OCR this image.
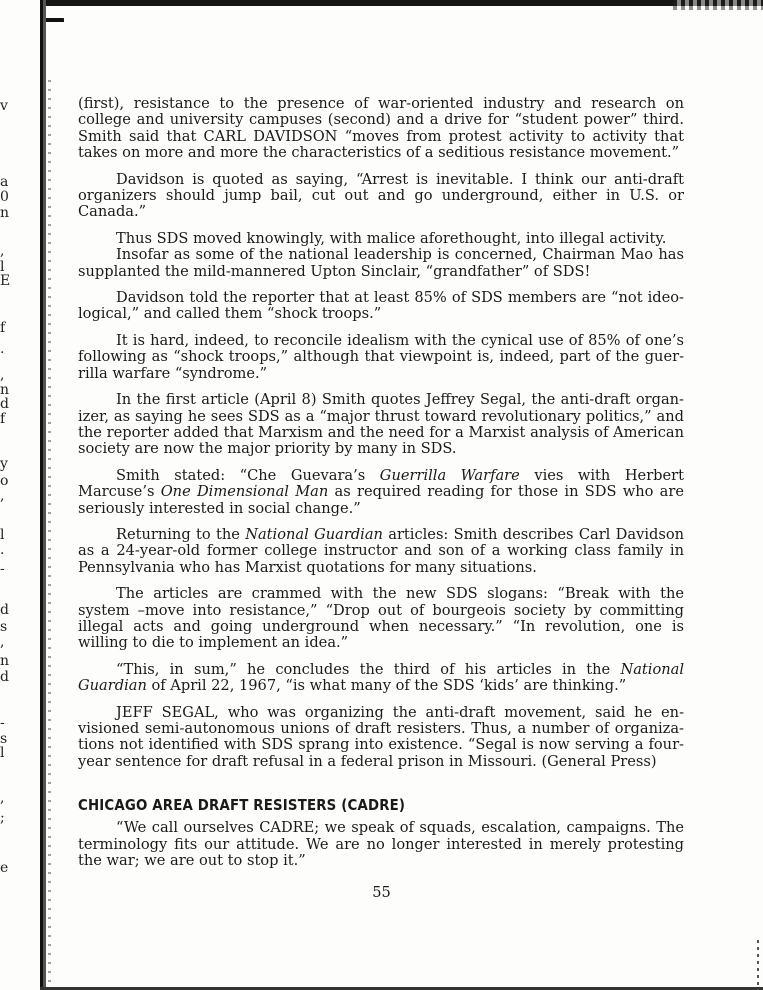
v
a
0
n
,
l
E
f
.
,
n
d
f
y
o
,
l
.
-
d
s
,
n
d
-
s
l
,
;
e

(first), resistance to the presence of war-oriented industry and research on college and university campuses (second) and a drive for “student power” third. Smith said that CARL DAVIDSON “moves from protest activity to activity that takes on more and more the characteristics of a seditious resistance movement.”

Davidson is quoted as saying, “Arrest is inevitable. I think our anti-draft organizers should jump bail, cut out and go underground, either in U.S. or Canada.”

Thus SDS moved knowingly, with malice aforethought, into illegal activity.

Insofar as some of the national leadership is concerned, Chairman Mao has supplanted the mild-mannered Upton Sinclair, “grandfather” of SDS!

Davidson told the reporter that at least 85% of SDS members are “not ideo-logical,” and called them “shock troops.”

It is hard, indeed, to reconcile idealism with the cynical use of 85% of one’s following as “shock troops,” although that viewpoint is, indeed, part of the guer-rilla warfare “syndrome.”

In the first article (April 8) Smith quotes Jeffrey Segal, the anti-draft organ-izer, as saying he sees SDS as a “major thrust toward revolutionary politics,” and the reporter added that Marxism and the need for a Marxist analysis of American society are now the major priority by many in SDS.

Smith stated: “Che Guevara’s Guerrilla Warfare vies with Herbert Marcuse’s One Dimensional Man as required reading for those in SDS who are seriously interested in social change.”

Returning to the National Guardian articles: Smith describes Carl Davidson as a 24-year-old former college instructor and son of a working class family in Pennsylvania who has Marxist quotations for many situations.

The articles are crammed with the new SDS slogans: “Break with the system –move into resistance,” “Drop out of bourgeois society by committing illegal acts and going underground when necessary.” “In revolution, one is willing to die to implement an idea.”

“This, in sum,” he concludes the third of his articles in the National Guardian of April 22, 1967, “is what many of the SDS ‘kids’ are thinking.”

JEFF SEGAL, who was organizing the anti-draft movement, said he en-visioned semi-autonomous unions of draft resisters. Thus, a number of organiza-tions not identified with SDS sprang into existence. “Segal is now serving a four-year sentence for draft refusal in a federal prison in Missouri. (General Press)

CHICAGO AREA DRAFT RESISTERS (CADRE)

“We call ourselves CADRE; we speak of squads, escalation, campaigns. The terminology fits our attitude. We are no longer interested in merely protesting the war; we are out to stop it.”

55
